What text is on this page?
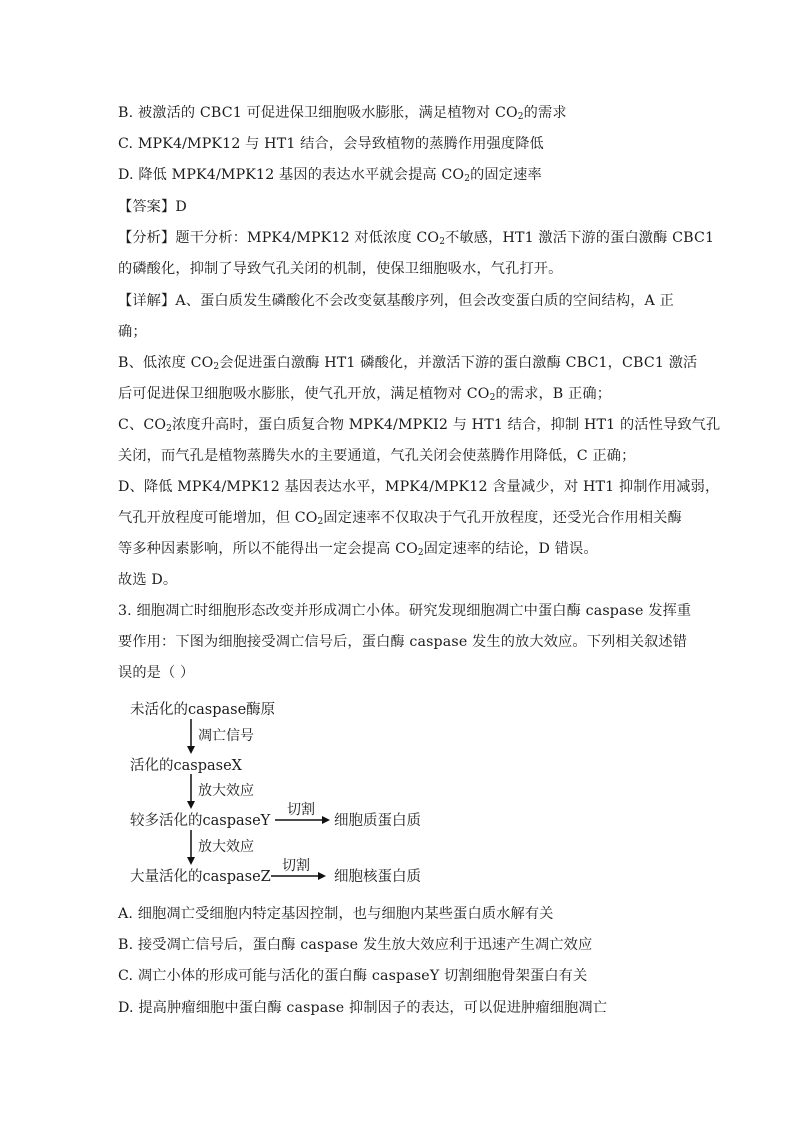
B. 被激活的 CBC1 可促进保卫细胞吸水膨胀，满足植物对 $CO_2$的需求
C. MPK4/MPK12 与 HT1 结合，会导致植物的蒸腾作用强度降低
D. 降低 MPK4/MPK12 基因的表达水平就会提高 $CO_2$的固定速率
【答案】D
【分析】题干分析：MPK4/MPK12 对低浓度 $CO_2$不敏感，HT1 激活下游的蛋白激酶 CBC1
的磷酸化，抑制了导致气孔关闭的机制，使保卫细胞吸水，气孔打开。
【详解】A、蛋白质发生磷酸化不会改变氨基酸序列，但会改变蛋白质的空间结构，A 正
确；
B、低浓度 $CO_2$会促进蛋白激酶 HT1 磷酸化，并激活下游的蛋白激酶 CBC1，CBC1 激活
后可促进保卫细胞吸水膨胀，使气孔开放，满足植物对 $CO_2$的需求，B 正确；
C、$CO_2$浓度升高时，蛋白质复合物 MPK4/MPKI2 与 HT1 结合，抑制 HT1 的活性导致气孔
关闭，而气孔是植物蒸腾失水的主要通道，气孔关闭会使蒸腾作用降低，C 正确；
D、降低 MPK4/MPK12 基因表达水平，MPK4/MPK12 含量减少，对 HT1 抑制作用减弱，
气孔开放程度可能增加，但 $CO_2$固定速率不仅取决于气孔开放程度，还受光合作用相关酶
等多种因素影响，所以不能得出一定会提高 $CO_2$固定速率的结论，D 错误。
故选 D。
3. 细胞凋亡时细胞形态改变并形成凋亡小体。研究发现细胞凋亡中蛋白酶 caspase 发挥重
要作用：下图为细胞接受凋亡信号后，蛋白酶 caspase 发生的放大效应。下列相关叙述错
误的是（ ）
未活化的caspase酶原
凋亡信号
活化的caspaseX
放大效应
较多活化的caspaseY
切割
细胞质蛋白质
放大效应
大量活化的caspaseZ
切割
细胞核蛋白质
A. 细胞凋亡受细胞内特定基因控制，也与细胞内某些蛋白质水解有关
B. 接受凋亡信号后，蛋白酶 caspase 发生放大效应利于迅速产生凋亡效应
C. 凋亡小体的形成可能与活化的蛋白酶 caspaseY 切割细胞骨架蛋白有关
D. 提高肿瘤细胞中蛋白酶 caspase 抑制因子的表达，可以促进肿瘤细胞凋亡
